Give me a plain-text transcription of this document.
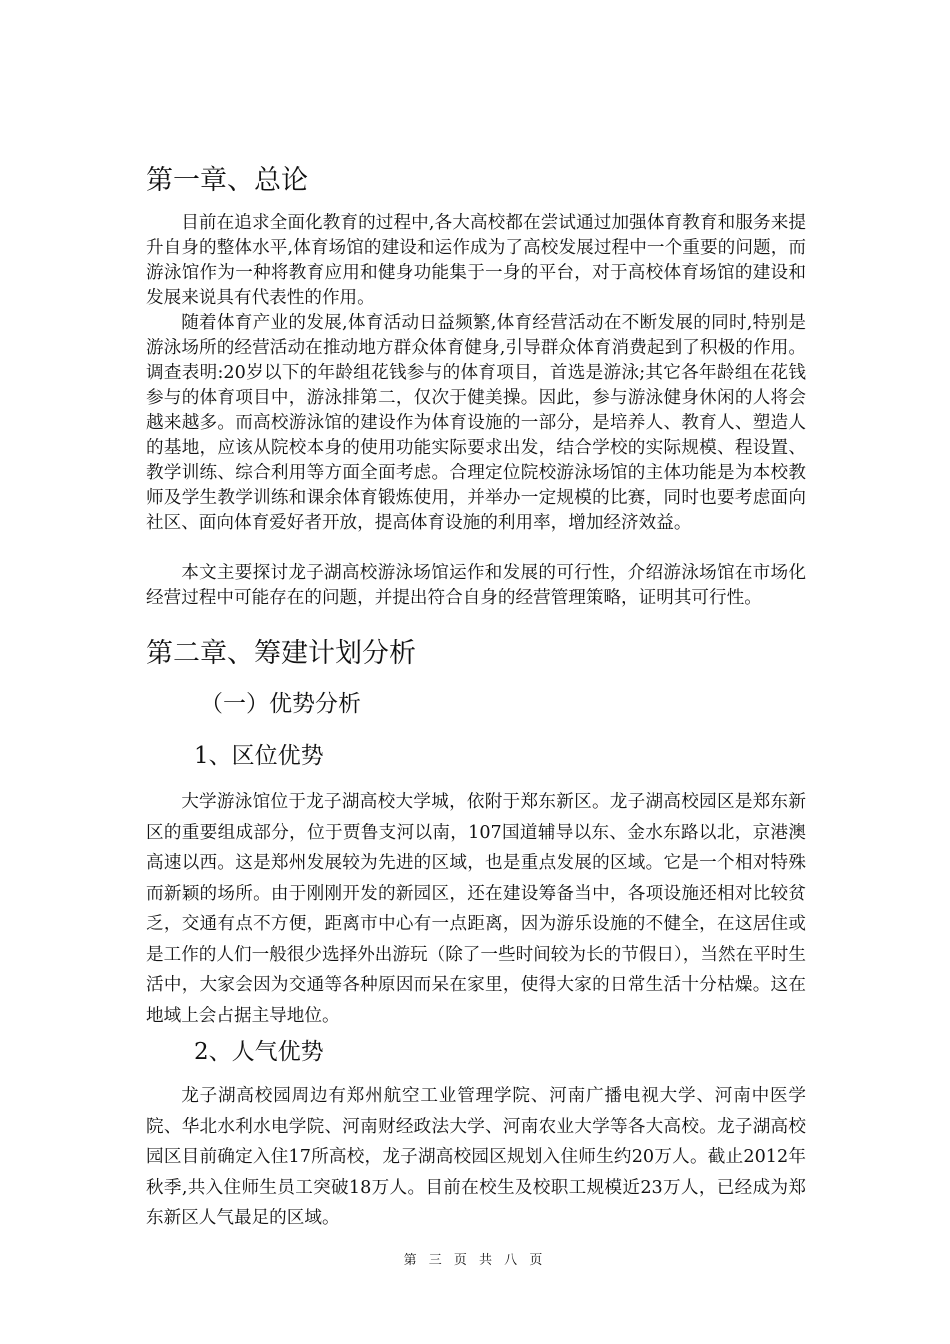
第一章、总论

目前在追求全面化教育的过程中,各大高校都在尝试通过加强体育教育和服务来提升自身的整体水平,体育场馆的建设和运作成为了高校发展过程中一个重要的问题，而游泳馆作为一种将教育应用和健身功能集于一身的平台，对于高校体育场馆的建设和发展来说具有代表性的作用。

随着体育产业的发展,体育活动日益频繁,体育经营活动在不断发展的同时,特别是游泳场所的经营活动在推动地方群众体育健身,引导群众体育消费起到了积极的作用。调查表明:20岁以下的年龄组花钱参与的体育项目，首选是游泳;其它各年龄组在花钱参与的体育项目中，游泳排第二，仅次于健美操。因此，参与游泳健身休闲的人将会越来越多。而高校游泳馆的建设作为体育设施的一部分，是培养人、教育人、塑造人的基地，应该从院校本身的使用功能实际要求出发，结合学校的实际规模、程设置、教学训练、综合利用等方面全面考虑。合理定位院校游泳场馆的主体功能是为本校教师及学生教学训练和课余体育锻炼使用，并举办一定规模的比赛，同时也要考虑面向社区、面向体育爱好者开放，提高体育设施的利用率，增加经济效益。

本文主要探讨龙子湖高校游泳场馆运作和发展的可行性，介绍游泳场馆在市场化经营过程中可能存在的问题，并提出符合自身的经营管理策略，证明其可行性。

第二章、筹建计划分析
（一）优势分析
1、区位优势

大学游泳馆位于龙子湖高校大学城，依附于郑东新区。龙子湖高校园区是郑东新区的重要组成部分，位于贾鲁支河以南，107国道辅导以东、金水东路以北，京港澳高速以西。这是郑州发展较为先进的区域，也是重点发展的区域。它是一个相对特殊而新颖的场所。由于刚刚开发的新园区，还在建设筹备当中，各项设施还相对比较贫乏，交通有点不方便，距离市中心有一点距离，因为游乐设施的不健全，在这居住或是工作的人们一般很少选择外出游玩（除了一些时间较为长的节假日），当然在平时生活中，大家会因为交通等各种原因而呆在家里，使得大家的日常生活十分枯燥。这在地域上会占据主导地位。

2、人气优势

龙子湖高校园周边有郑州航空工业管理学院、河南广播电视大学、河南中医学院、华北水利水电学院、河南财经政法大学、河南农业大学等各大高校。龙子湖高校园区目前确定入住17所高校，龙子湖高校园区规划入住师生约20万人。截止2012年秋季,共入住师生员工突破18万人。目前在校生及校职工规模近23万人，已经成为郑东新区人气最足的区域。

第 三 页 共 八 页
